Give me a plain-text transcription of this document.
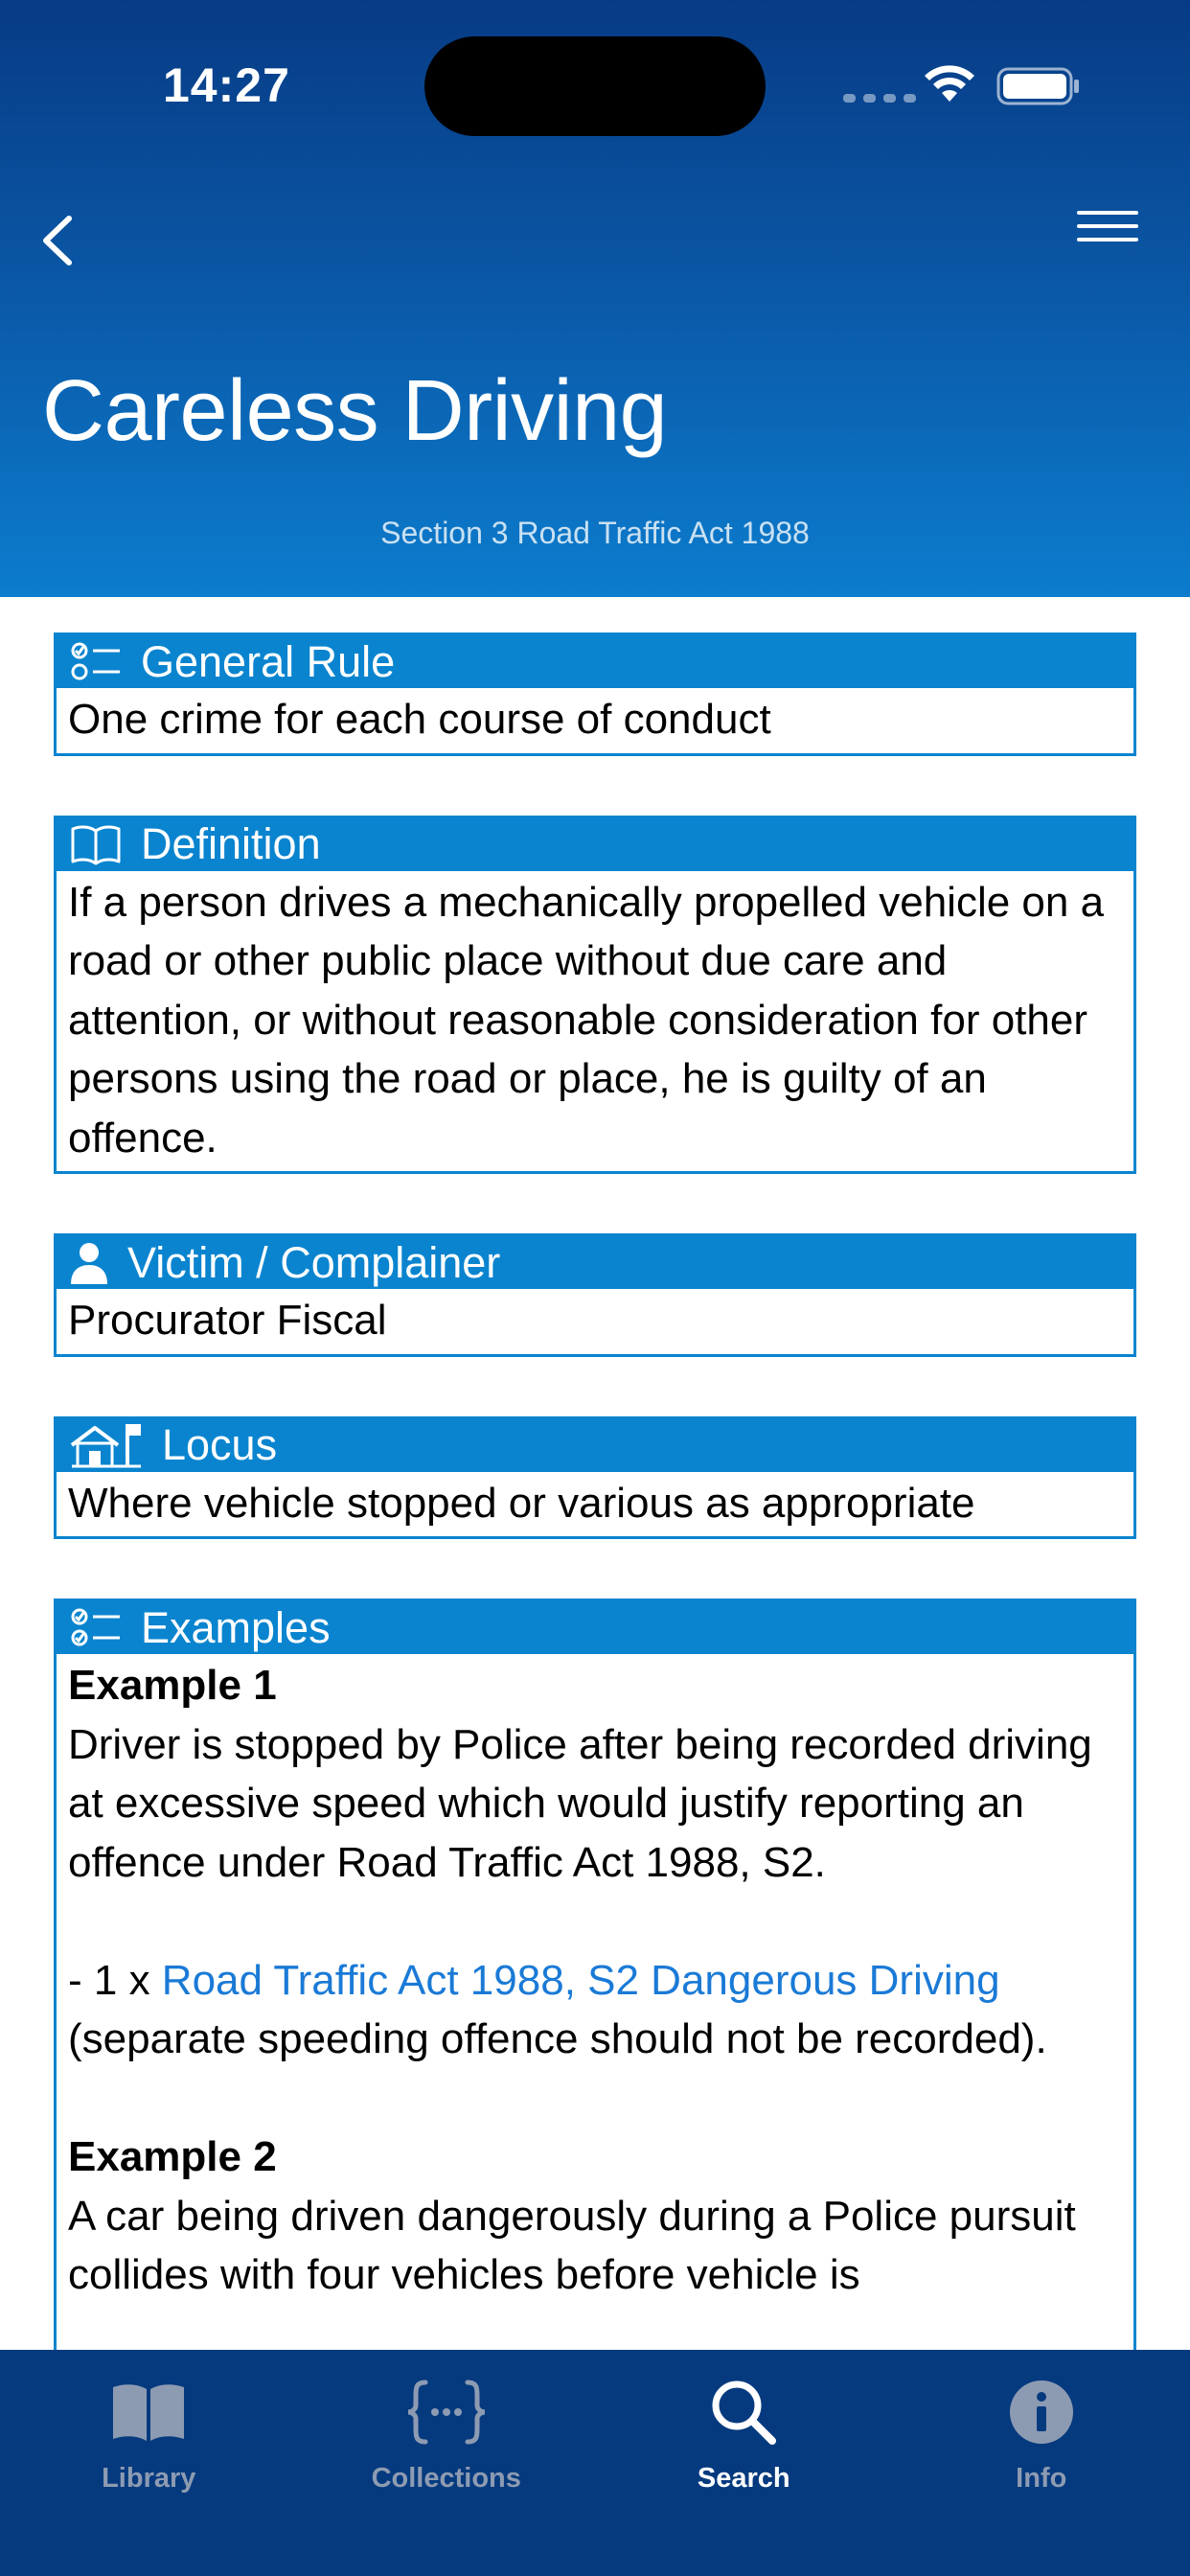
14:27
Careless Driving
Section 3 Road Traffic Act 1988
General Rule
One crime for each course of conduct
Definition
If a person drives a mechanically propelled vehicle on a road or other public place without due care and attention, or without reasonable consideration for other persons using the road or place, he is guilty of an offence.
Victim / Complainer
Procurator Fiscal
Locus
Where vehicle stopped or various as appropriate
Examples
Example 1
Driver is stopped by Police after being recorded driving at excessive speed which would justify reporting an offence under Road Traffic Act 1988, S2.
- 1 x Road Traffic Act 1988, S2 Dangerous Driving
(separate speeding offence should not be recorded).
Example 2
A car being driven dangerously during a Police pursuit collides with four vehicles before vehicle is
Library	Collections	Search	Info
